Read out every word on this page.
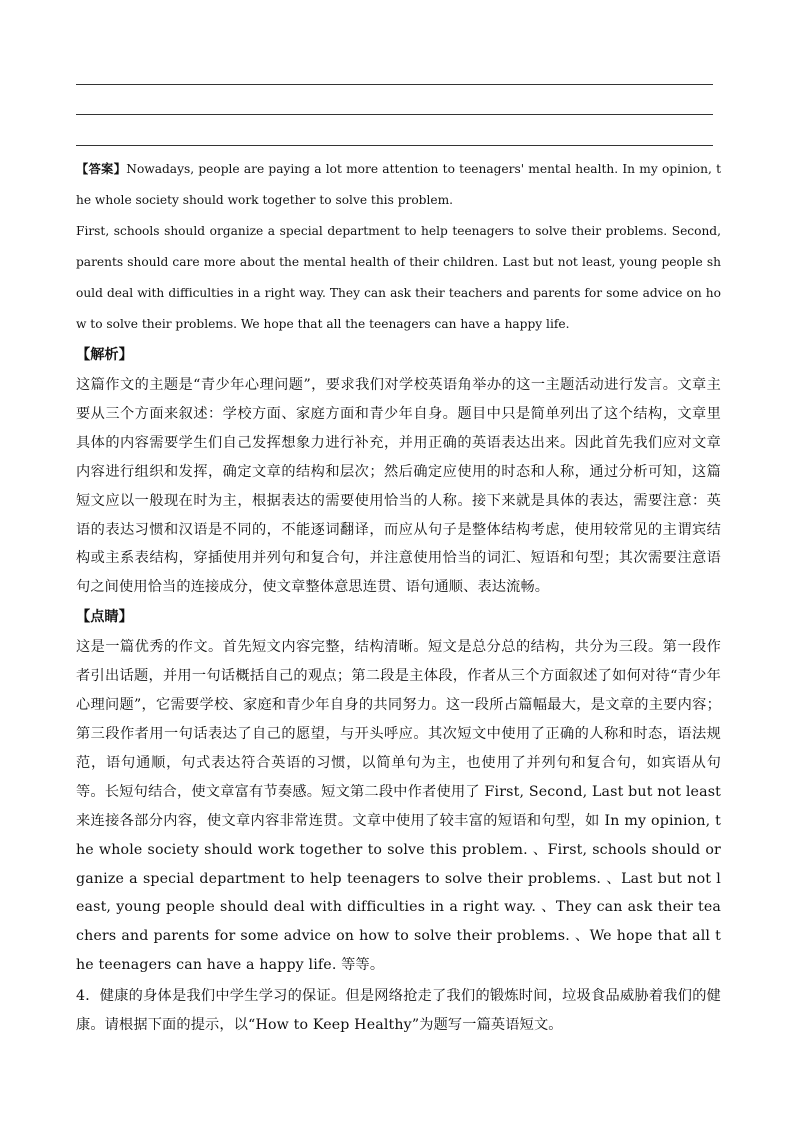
【答案】Nowadays, people are paying a lot more attention to teenagers' mental health. In my opinion, the whole society should work together to solve this problem.

First, schools should organize a special department to help teenagers to solve their problems. Second, parents should care more about the mental health of their children. Last but not least, young people should deal with difficulties in a right way. They can ask their teachers and parents for some advice on how to solve their problems. We hope that all the teenagers can have a happy life.

【解析】

这篇作文的主题是“青少年心理问题”，要求我们对学校英语角举办的这一主题活动进行发言。文章主要从三个方面来叙述：学校方面、家庭方面和青少年自身。题目中只是简单列出了这个结构，文章里具体的内容需要学生们自己发挥想象力进行补充，并用正确的英语表达出来。因此首先我们应对文章内容进行组织和发挥，确定文章的结构和层次；然后确定应使用的时态和人称，通过分析可知，这篇短文应以一般现在时为主，根据表达的需要使用恰当的人称。接下来就是具体的表达，需要注意：英语的表达习惯和汉语是不同的，不能逐词翻译，而应从句子是整体结构考虑，使用较常见的主谓宾结构或主系表结构，穿插使用并列句和复合句，并注意使用恰当的词汇、短语和句型；其次需要注意语句之间使用恰当的连接成分，使文章整体意思连贯、语句通顺、表达流畅。

【点睛】

这是一篇优秀的作文。首先短文内容完整，结构清晰。短文是总分总的结构，共分为三段。第一段作者引出话题，并用一句话概括自己的观点；第二段是主体段，作者从三个方面叙述了如何对待“青少年心理问题”，它需要学校、家庭和青少年自身的共同努力。这一段所占篇幅最大，是文章的主要内容；第三段作者用一句话表达了自己的愿望，与开头呼应。其次短文中使用了正确的人称和时态，语法规范，语句通顺，句式表达符合英语的习惯，以简单句为主，也使用了并列句和复合句，如宾语从句等。长短句结合，使文章富有节奏感。短文第二段中作者使用了 First, Second, Last but not least 来连接各部分内容，使文章内容非常连贯。文章中使用了较丰富的短语和句型，如 In my opinion, the whole society should work together to solve this problem. 、First, schools should organize a special department to help teenagers to solve their problems. 、Last but not least, young people should deal with difficulties in a right way. 、They can ask their teachers and parents for some advice on how to solve their problems. 、We hope that all the teenagers can have a happy life. 等等。

4．健康的身体是我们中学生学习的保证。但是网络抢走了我们的锻炼时间，垃圾食品威胁着我们的健康。请根据下面的提示，以“How to Keep Healthy”为题写一篇英语短文。
